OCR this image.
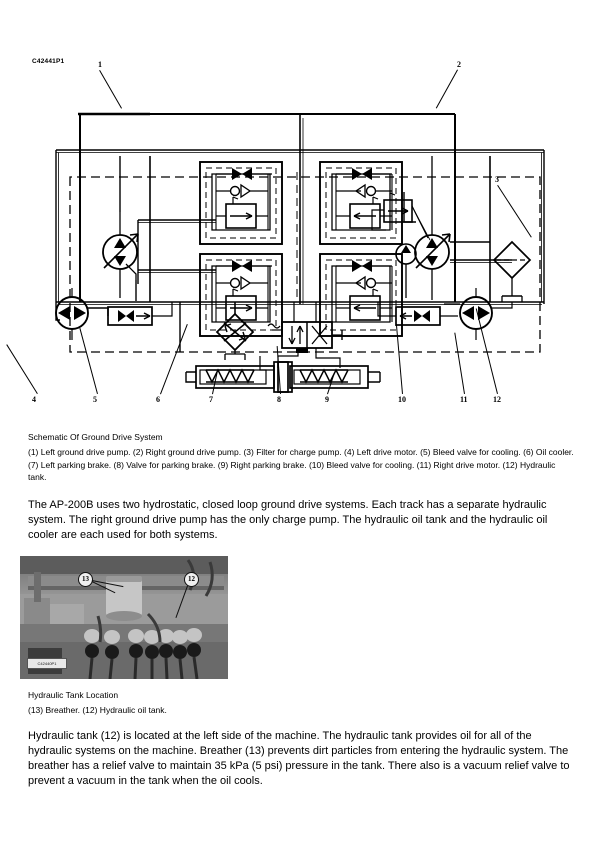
C42441P1	1	2
3
4	5	6	7	8	9	10	11	12
Schematic Of Ground Drive System
(1) Left ground drive pump. (2) Right ground drive pump. (3) Filter for charge pump. (4) Left drive motor. (5) Bleed valve for cooling. (6) Oil cooler. (7) Left parking brake. (8) Valve for parking brake. (9) Right parking brake. (10) Bleed valve for cooling. (11) Right drive motor. (12) Hydraulic tank.
The AP-200B uses two hydrostatic, closed loop ground drive systems. Each track has a separate hydraulic system. The right ground drive pump has the only charge pump. The hydraulic oil tank and the hydraulic oil cooler are each used for both systems.
C42440P1
13	12
Hydraulic Tank Location
(13) Breather. (12) Hydraulic oil tank.
Hydraulic tank (12) is located at the left side of the machine. The hydraulic tank provides oil for all of the hydraulic systems on the machine. Breather (13) prevents dirt particles from entering the hydraulic system. The breather has a relief valve to maintain 35 kPa (5 psi) pressure in the tank. There also is a vacuum relief valve to prevent a vacuum in the tank when the oil cools.
